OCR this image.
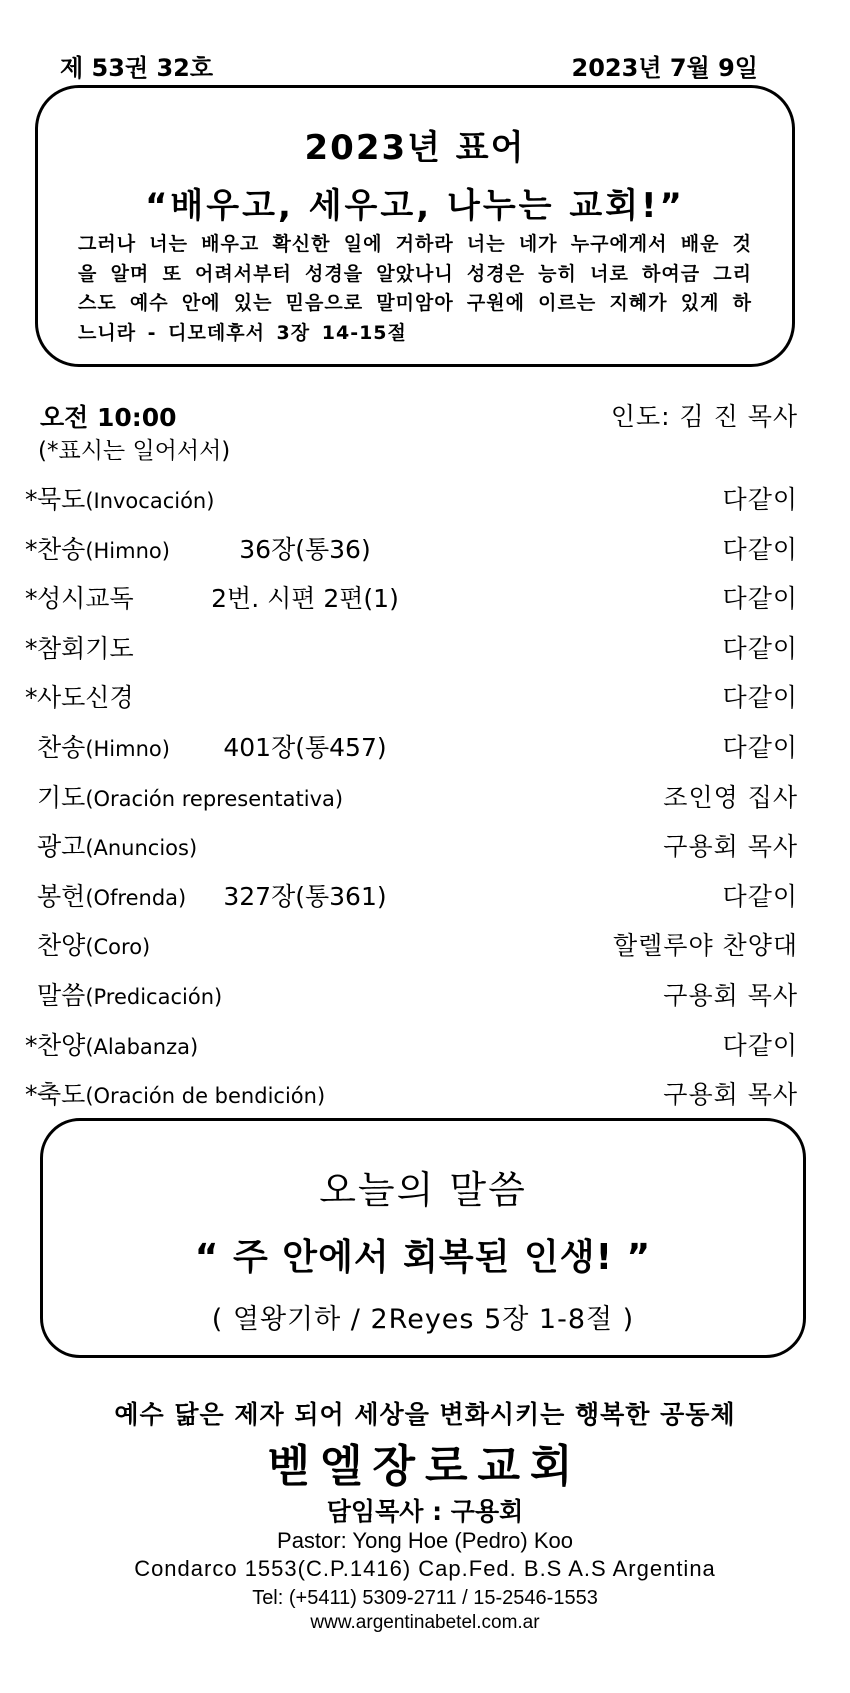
제 53권 32호	2023년 7월 9일
2023년 표어
“배우고, 세우고, 나누는 교회!”
그러나 너는 배우고 확신한 일에 거하라 너는 네가 누구에게서 배운 것을 알며 또 어려서부터 성경을 알았나니 성경은 능히 너로 하여금 그리스도 예수 안에 있는 믿음으로 말미암아 구원에 이르는 지혜가 있게 하느니라 - 디모데후서 3장 14-15절
오전 10:00
(*표시는 일어서서)
인도: 김 진 목사
*묵도(Invocación)	다같이
*찬송(Himno)	36장(통36)	다같이
*성시교독	2번. 시편 2편(1)	다같이
*참회기도	다같이
*사도신경	다같이
찬송(Himno)	401장(통457)	다같이
기도(Oración representativa)	조인영 집사
광고(Anuncios)	구용회 목사
봉헌(Ofrenda)	327장(통361)	다같이
찬양(Coro)	할렐루야 찬양대
말씀(Predicación)	구용회 목사
*찬양(Alabanza)	다같이
*축도(Oración de bendición)	구용회 목사
오늘의 말씀
“ 주 안에서 회복된 인생! ”
( 열왕기하 / 2Reyes 5장 1-8절 )
예수 닮은 제자 되어 세상을 변화시키는 행복한 공동체
벧엘장로교회
담임목사 : 구용회
Pastor: Yong Hoe (Pedro) Koo
Condarco 1553(C.P.1416) Cap.Fed. B.S A.S Argentina
Tel: (+5411) 5309-2711 / 15-2546-1553
www.argentinabetel.com.ar
